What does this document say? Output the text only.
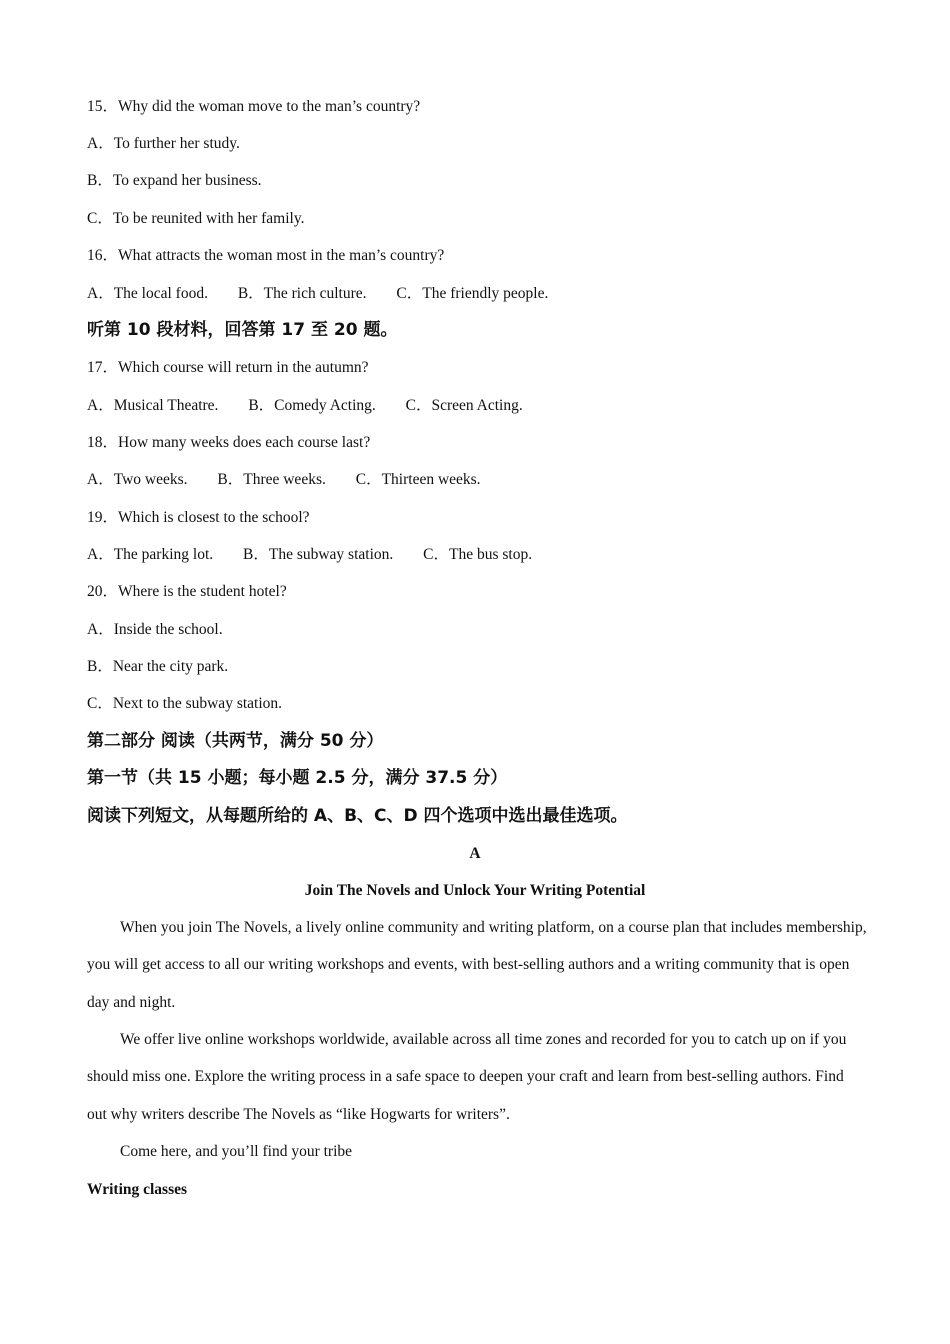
15．Why did the woman move to the man’s country?
A．To further her study.
B．To expand her business.
C．To be reunited with her family.
16．What attracts the woman most in the man’s country?
A．The local food. B．The rich culture. C．The friendly people.
听第 10 段材料，回答第 17 至 20 题。
17．Which course will return in the autumn?
A．Musical Theatre. B．Comedy Acting. C．Screen Acting.
18．How many weeks does each course last?
A．Two weeks. B．Three weeks. C．Thirteen weeks.
19．Which is closest to the school?
A．The parking lot. B．The subway station. C．The bus stop.
20．Where is the student hotel?
A．Inside the school.
B．Near the city park.
C．Next to the subway station.
第二部分 阅读（共两节，满分 50 分）
第一节（共 15 小题；每小题 2.5 分，满分 37.5 分）
阅读下列短文，从每题所给的 A、B、C、D 四个选项中选出最佳选项。
A
Join The Novels and Unlock Your Writing Potential
When you join The Novels, a lively online community and writing platform, on a course plan that includes membership, you will get access to all our writing workshops and events, with best-selling authors and a writing community that is open day and night.
We offer live online workshops worldwide, available across all time zones and recorded for you to catch up on if you should miss one. Explore the writing process in a safe space to deepen your craft and learn from best-selling authors. Find out why writers describe The Novels as “like Hogwarts for writers”.
Come here, and you’ll find your tribe
Writing classes
